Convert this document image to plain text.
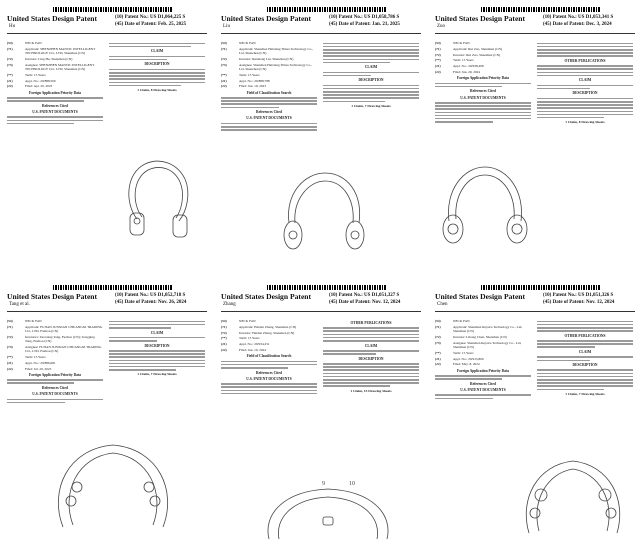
United States Design Patent
Hu
(10) Patent No.: US D1,064,225 S
(45) Date of Patent: Feb. 25, 2025
(54)	NECK FAN
(71)	Applicant: SHENZHEN MANTIC INTELLIGENT TECHNOLOGY CO., LTD, Shenzhen (CN)
(72)	Inventor: Ling Hu, Shenzhen (CN)
(73)	Assignee: SHENZHEN MANTIC INTELLIGENT TECHNOLOGY CO., LTD, Shenzhen (CN)
(**)	Term: 15 Years
(21)	Appl. No.: 29/888,500
(22)	Filed: Apr. 20, 2023
Foreign Application Priority Data
References Cited
U.S. PATENT DOCUMENTS
CLAIM
DESCRIPTION
1 Claim, 8 Drawing Sheets
United States Design Patent
Liu
(10) Patent No.: US D1,058,786 S
(45) Date of Patent: Jan. 21, 2025
(54)	NECK FAN
(71)	Applicant: Shenzhen Haixiang Times Technology Co., Ltd, Shenzhen (CN)
(72)	Inventor: Rutsheng Liu, Shenzhen (CN)
(73)	Assignee: Shenzhen Haixiang Times Technology Co., Ltd, Shenzhen (CN)
(**)	Term: 15 Years
(21)	Appl. No.: 29/888,788
(22)	Filed: Jun. 19, 2023
Field of Classification Search
References Cited
U.S. PATENT DOCUMENTS
CLAIM
DESCRIPTION
1 Claim, 7 Drawing Sheets
United States Design Patent
Zuo
(10) Patent No.: US D1,053,341 S
(45) Date of Patent: Dec. 3, 2024
(54)	NECK FAN
(71)	Applicant: Rui Zuo, Shenzhen (CN)
(72)	Inventor: Rui Zuo, Shenzhen (CN)
(**)	Term: 15 Years
(21)	Appl. No.: 29/938,408
(22)	Filed: Jun. 29, 2024
Foreign Application Priority Data
References Cited
U.S. PATENT DOCUMENTS
OTHER PUBLICATIONS
CLAIM
DESCRIPTION
1 Claim, 8 Drawing Sheets
United States Design Patent
Tang et al.
(10) Patent No.: US D1,052,718 S
(45) Date of Patent: Nov. 26, 2024
(54)	NECK FAN
(71)	Applicant: FUJIAN JUNXIAN CHUANGXI TRADING CO., LTD, Fuzhou (CN)
(72)	Inventors: Zuoxiang Tang, Fuzhou (CN); Zongping Tang, Fuzhou (CN)
(73)	Assignee: FUJIAN JUNXIAN CHUANGXI TRADING CO., LTD, Fuzhou (CN)
(**)	Term: 15 Years
(21)	Appl. No.: 29/886,681
(22)	Filed: Jul. 29, 2023
Foreign Application Priority Data
References Cited
U.S. PATENT DOCUMENTS
CLAIM
DESCRIPTION
1 Claim, 7 Drawing Sheets
United States Design Patent
Zhang
(10) Patent No.: US D1,051,327 S
(45) Date of Patent: Nov. 12, 2024
(54)	NECK FAN
(71)	Applicant: Haidan Zhang, Shenzhen (CN)
(72)	Inventor: Haidan Zhang, Shenzhen (CN)
(**)	Term: 15 Years
(21)	Appl. No.: 29/934,251
(22)	Filed: Jun. 10, 2024
Field of Classification Search
References Cited
U.S. PATENT DOCUMENTS
OTHER PUBLICATIONS
CLAIM
DESCRIPTION
1 Claim, 15 Drawing Sheets
9	10
United States Design Patent
Chen
(10) Patent No.: US D1,051,326 S
(45) Date of Patent: Nov. 12, 2024
(54)	NECK FAN
(71)	Applicant: Shenzhen Rejoice Technology Co., Ltd, Shenzhen (CN)
(72)	Inventor: Lihong Chen, Shenzhen (CN)
(73)	Assignee: Shenzhen Rejoice Technology Co., Ltd, Shenzhen (CN)
(**)	Term: 15 Years
(21)	Appl. No.: 29/915,809
(22)	Filed: May. 8, 2024
Foreign Application Priority Data
References Cited
U.S. PATENT DOCUMENTS
OTHER PUBLICATIONS
CLAIM
DESCRIPTION
1 Claim, 7 Drawing Sheets
